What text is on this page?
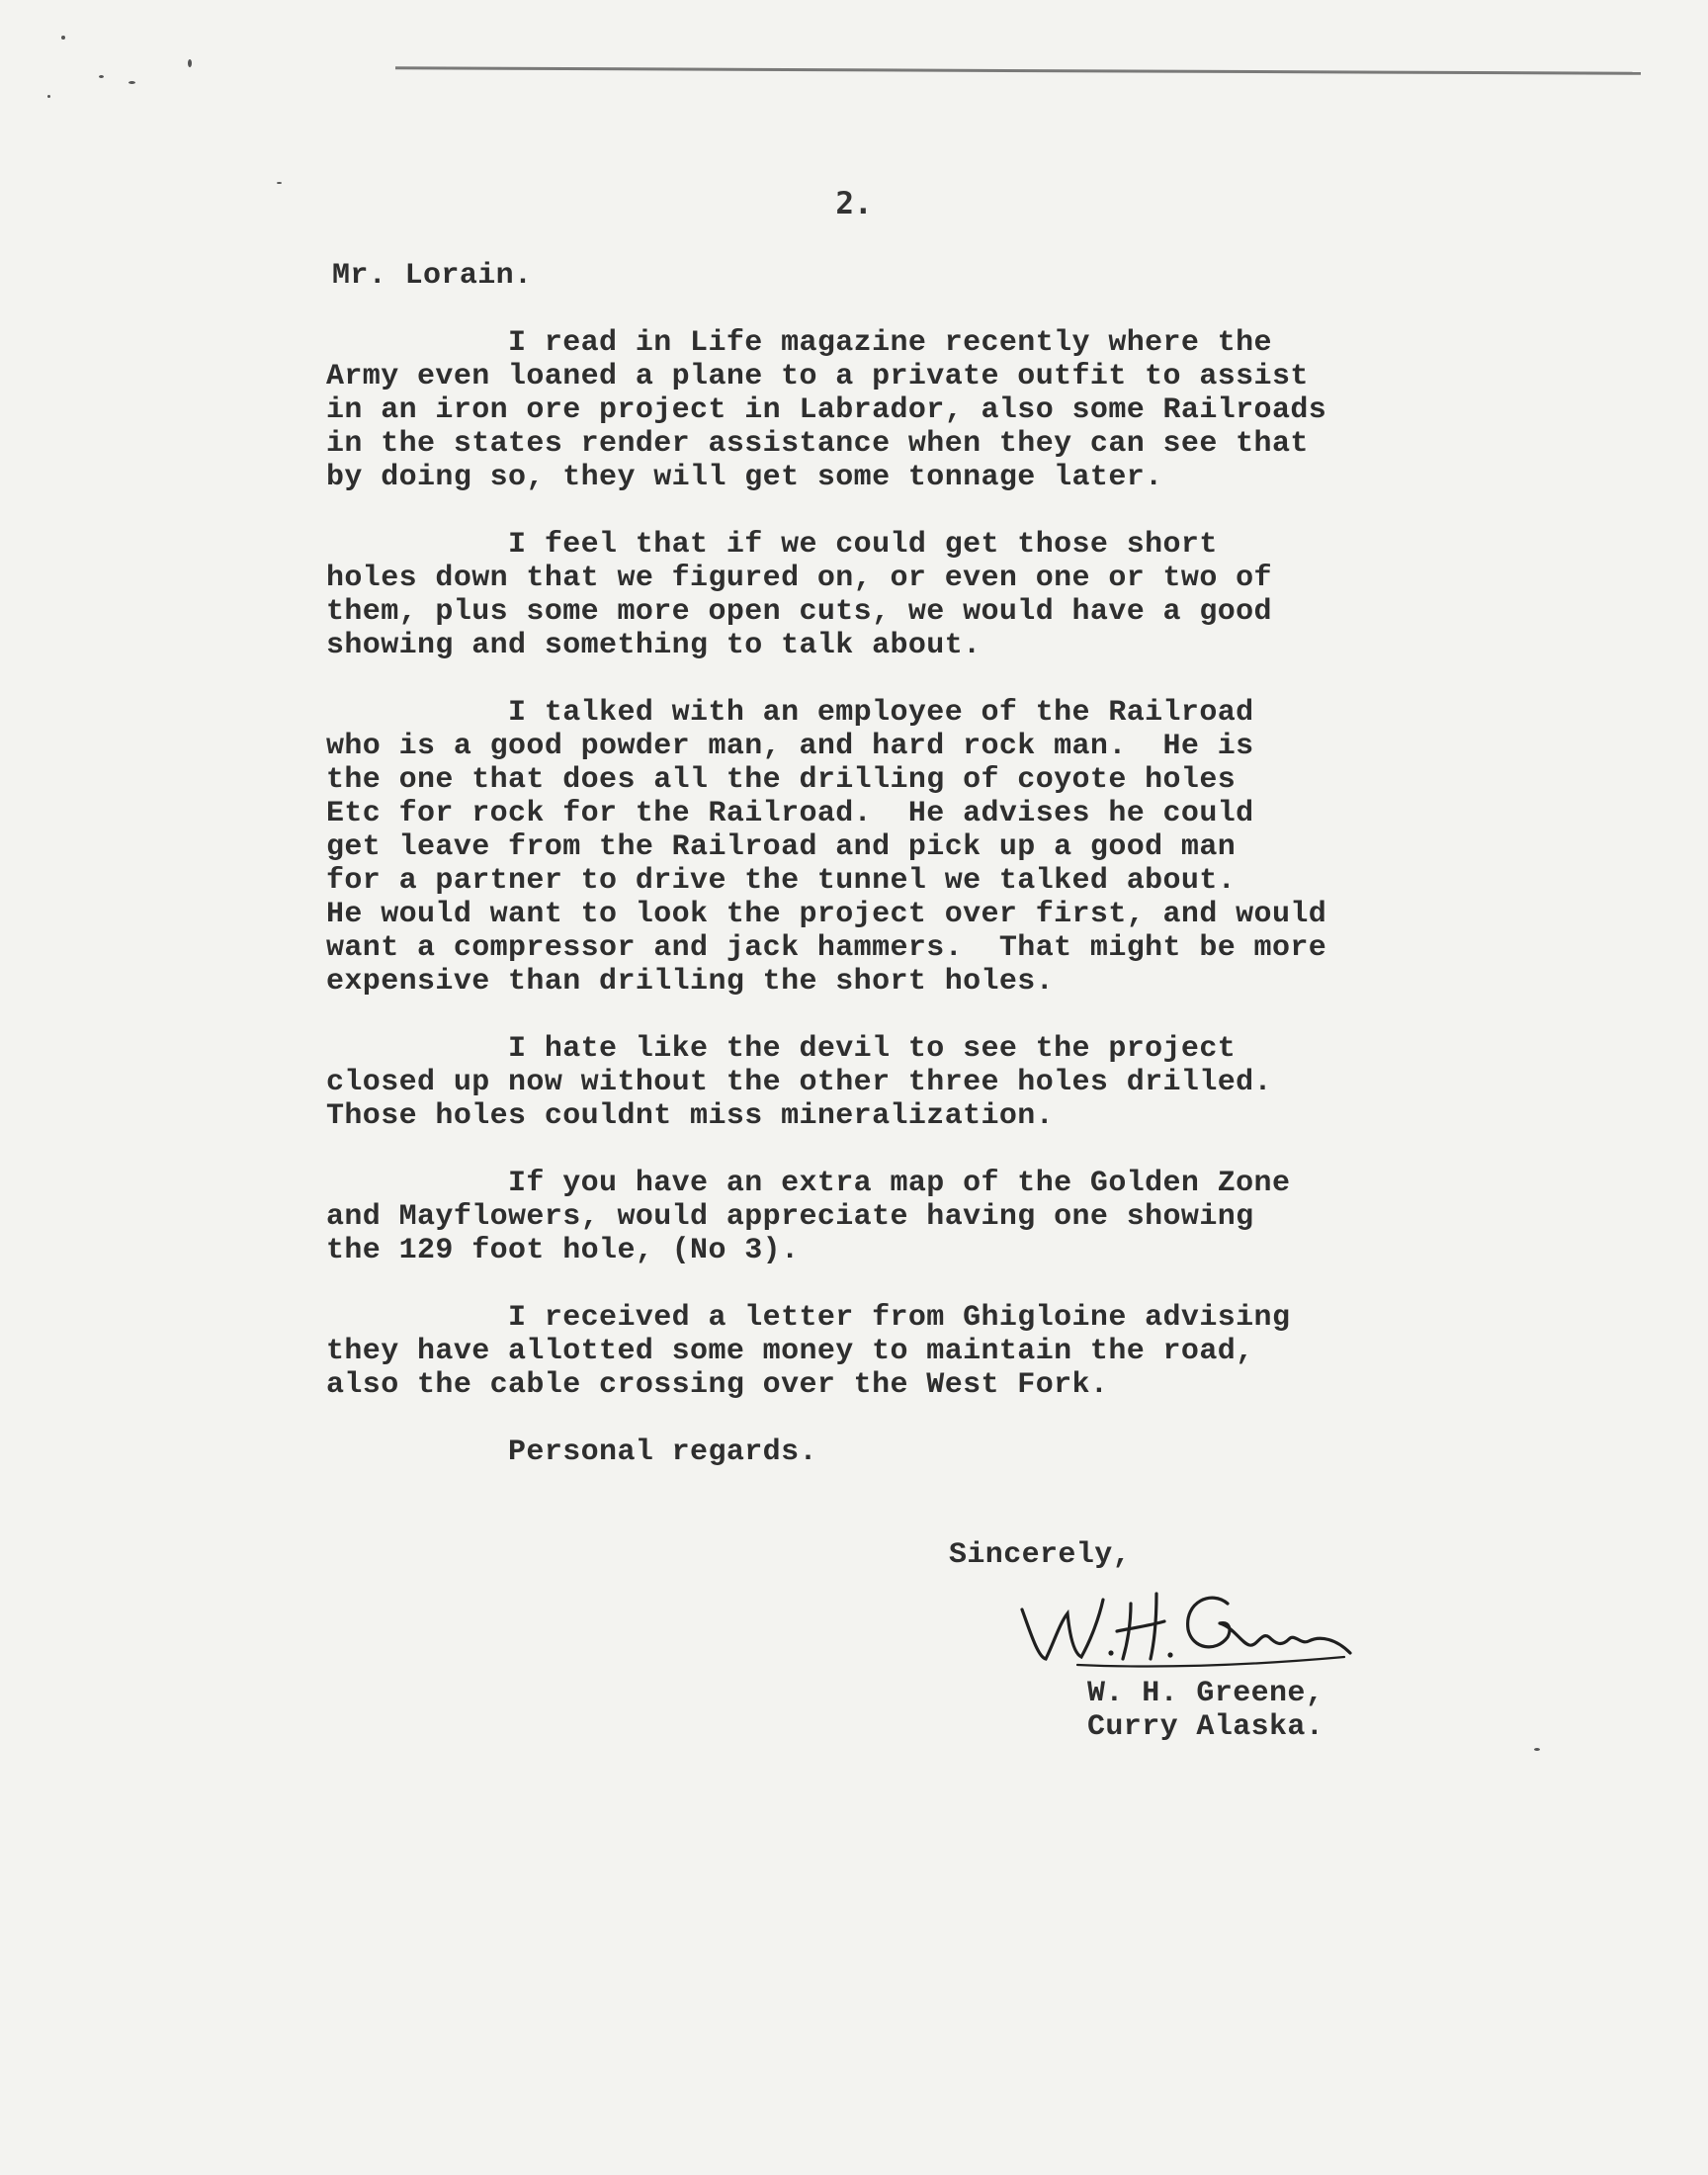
2.
Mr. Lorain.
I read in Life magazine recently where the
Army even loaned a plane to a private outfit to assist
in an iron ore project in Labrador, also some Railroads
in the states render assistance when they can see that
by doing so, they will get some tonnage later.

I feel that if we could get those short
holes down that we figured on, or even one or two of
them, plus some more open cuts, we would have a good
showing and something to talk about.

I talked with an employee of the Railroad
who is a good powder man, and hard rock man.  He is
the one that does all the drilling of coyote holes
Etc for rock for the Railroad.  He advises he could
get leave from the Railroad and pick up a good man
for a partner to drive the tunnel we talked about.
He would want to look the project over first, and would
want a compressor and jack hammers.  That might be more
expensive than drilling the short holes.

I hate like the devil to see the project
closed up now without the other three holes drilled.
Those holes couldnt miss mineralization.

If you have an extra map of the Golden Zone
and Mayflowers, would appreciate having one showing
the 129 foot hole, (No 3).

I received a letter from Ghigloine advising
they have allotted some money to maintain the road,
also the cable crossing over the West Fork.

Personal regards.
Sincerely,
W. H. Greene,
Curry Alaska.
